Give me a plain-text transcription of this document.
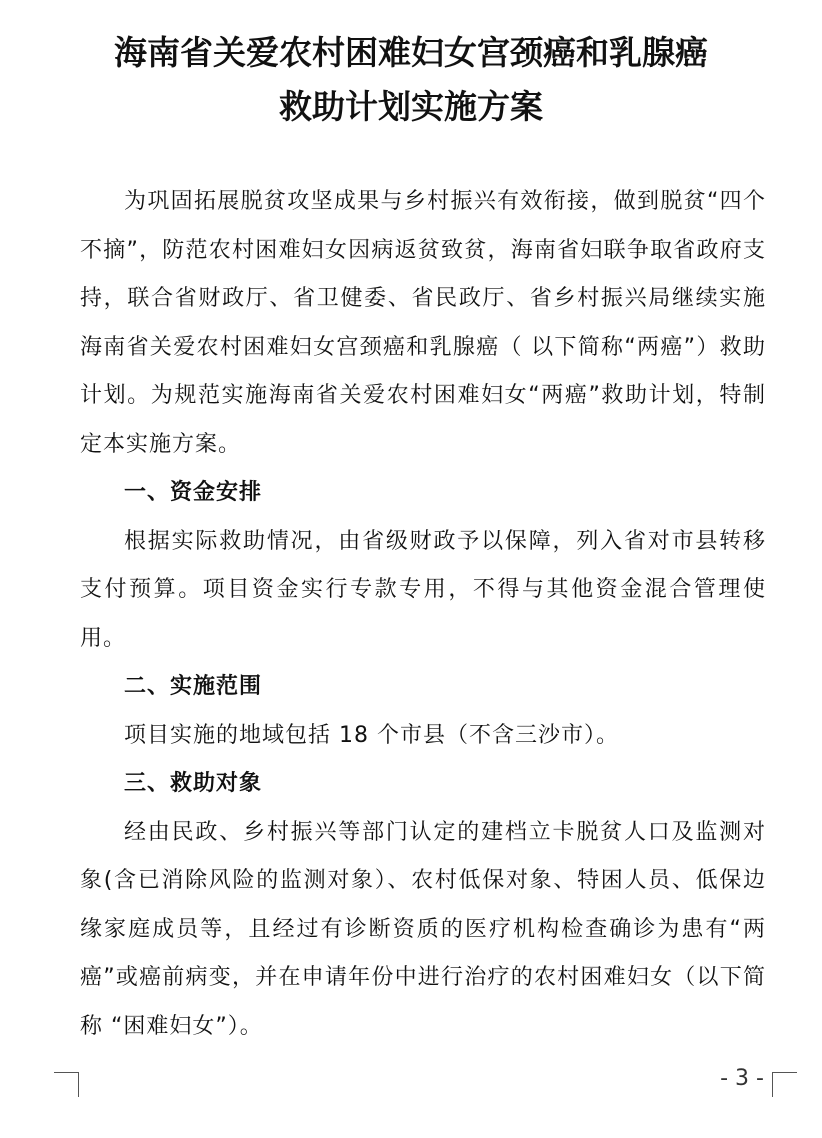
海南省关爱农村困难妇女宫颈癌和乳腺癌
救助计划实施方案

为巩固拓展脱贫攻坚成果与乡村振兴有效衔接，做到脱贫“四个不摘”，防范农村困难妇女因病返贫致贫，海南省妇联争取省政府支持，联合省财政厅、省卫健委、省民政厅、省乡村振兴局继续实施海南省关爱农村困难妇女宫颈癌和乳腺癌（ 以下简称“两癌”）救助计划。为规范实施海南省关爱农村困难妇女“两癌”救助计划，特制定本实施方案。

一、资金安排

根据实际救助情况，由省级财政予以保障，列入省对市县转移支付预算。项目资金实行专款专用，不得与其他资金混合管理使用。

二、实施范围

项目实施的地域包括 18 个市县（不含三沙市）。

三、救助对象

经由民政、乡村振兴等部门认定的建档立卡脱贫人口及监测对象(含已消除风险的监测对象）、农村低保对象、特困人员、低保边缘家庭成员等，且经过有诊断资质的医疗机构检查确诊为患有“两癌”或癌前病变，并在申请年份中进行治疗的农村困难妇女（以下简称 “困难妇女”）。

- 3 -
